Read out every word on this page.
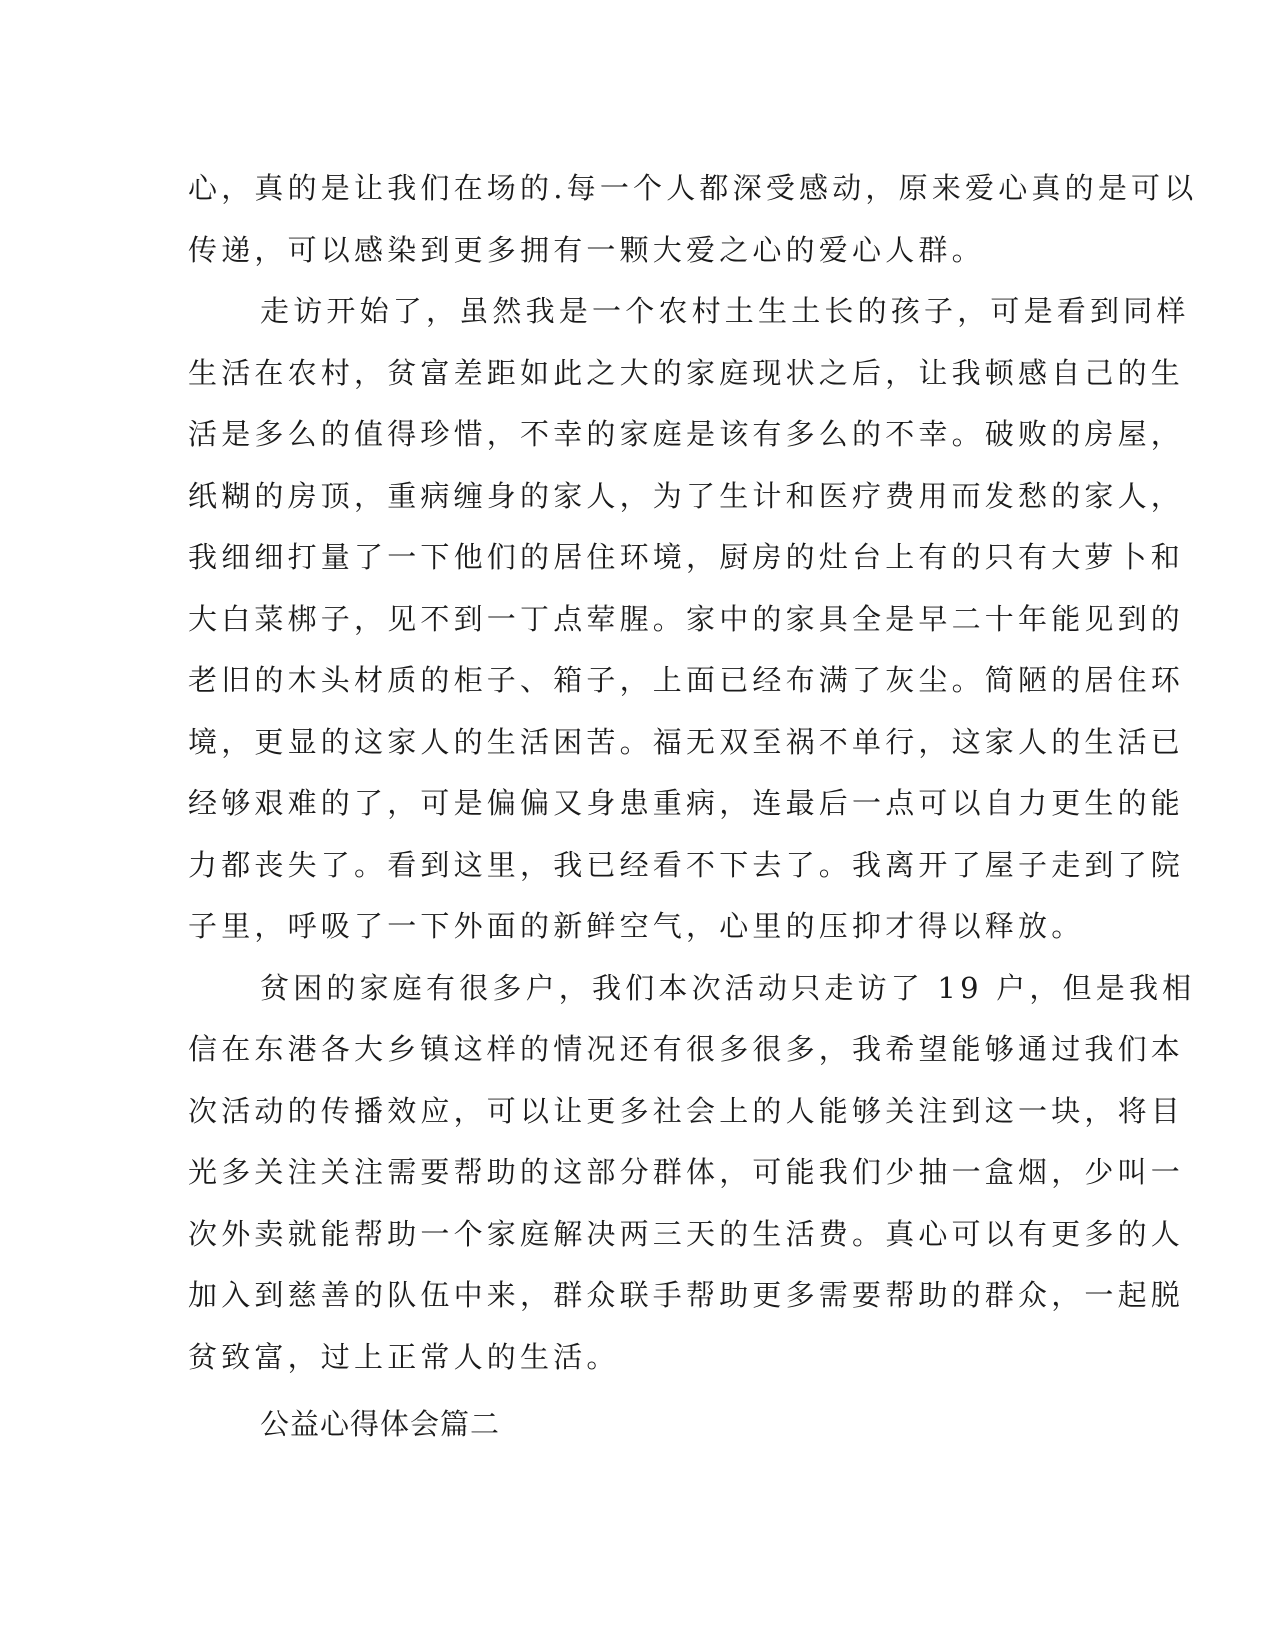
心，真的是让我们在场的.每一个人都深受感动，原来爱心真的是可以
传递，可以感染到更多拥有一颗大爱之心的爱心人群。
走访开始了，虽然我是一个农村土生土长的孩子，可是看到同样
生活在农村，贫富差距如此之大的家庭现状之后，让我顿感自己的生
活是多么的值得珍惜，不幸的家庭是该有多么的不幸。破败的房屋，
纸糊的房顶，重病缠身的家人，为了生计和医疗费用而发愁的家人，
我细细打量了一下他们的居住环境，厨房的灶台上有的只有大萝卜和
大白菜梆子，见不到一丁点荤腥。家中的家具全是早二十年能见到的
老旧的木头材质的柜子、箱子，上面已经布满了灰尘。简陋的居住环
境，更显的这家人的生活困苦。福无双至祸不单行，这家人的生活已
经够艰难的了，可是偏偏又身患重病，连最后一点可以自力更生的能
力都丧失了。看到这里，我已经看不下去了。我离开了屋子走到了院
子里，呼吸了一下外面的新鲜空气，心里的压抑才得以释放。
贫困的家庭有很多户，我们本次活动只走访了 19 户，但是我相
信在东港各大乡镇这样的情况还有很多很多，我希望能够通过我们本
次活动的传播效应，可以让更多社会上的人能够关注到这一块，将目
光多关注关注需要帮助的这部分群体，可能我们少抽一盒烟，少叫一
次外卖就能帮助一个家庭解决两三天的生活费。真心可以有更多的人
加入到慈善的队伍中来，群众联手帮助更多需要帮助的群众，一起脱
贫致富，过上正常人的生活。
公益心得体会篇二
